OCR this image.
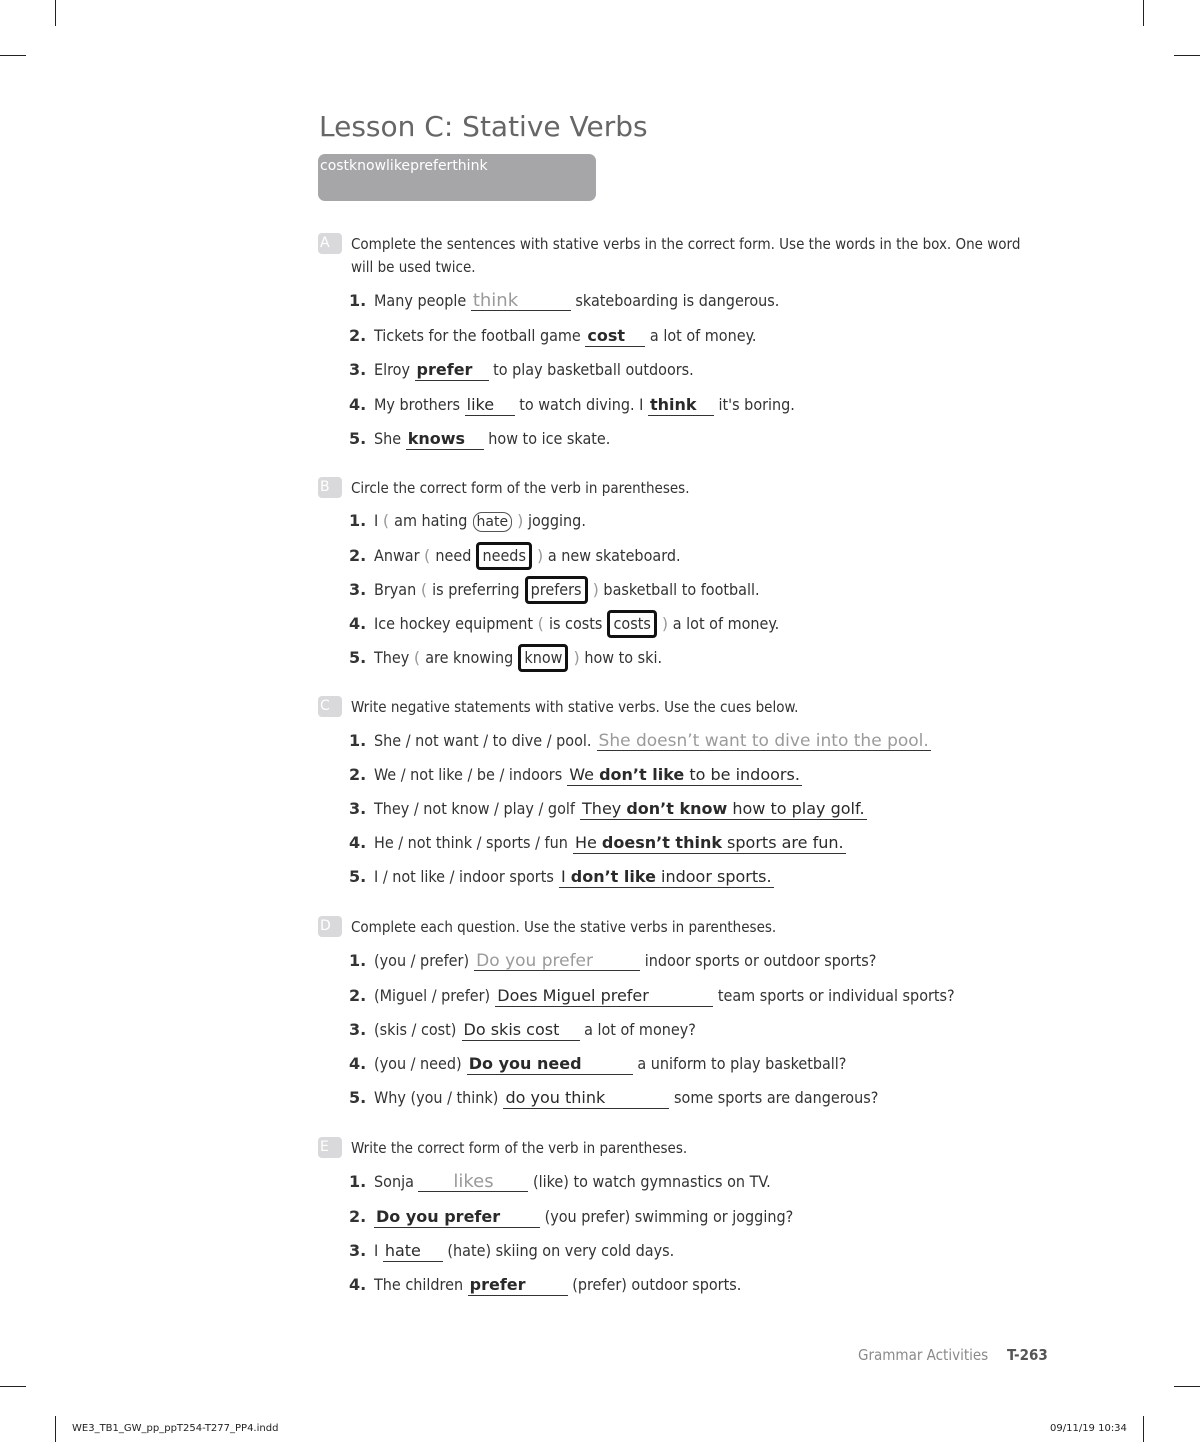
Lesson C: Stative Verbs
costknowlikepreferthink
A	Complete the sentences with stative verbs in the correct form. Use the words in the box. One word will be used twice.

1. Many people think	skateboarding is dangerous.
2. Tickets for the football game cost a lot of money.
3. Elroy prefer to play basketball outdoors.
4. My brothers like to watch diving. I think it's boring.
5. She knows how to ice skate.
B	Circle the correct form of the verb in parentheses.

1. I ( am hating hate ) jogging.
2. Anwar ( need needs ) a new skateboard.
3. Bryan ( is preferring prefers ) basketball to football.
4. Ice hockey equipment ( is costs costs ) a lot of money.
5. They ( are knowing know ) how to ski.
C	Write negative statements with stative verbs. Use the cues below.

1. She / not want / to dive / pool. She doesn’t want to dive into the pool.
2. We / not like / be / indoors We don’t like to be indoors.
3. They / not know / play / golf They don’t know how to play golf.
4. He / not think / sports / fun He doesn’t think sports are fun.
5. I / not like / indoor sports I don’t like indoor sports.
D	Complete each question. Use the stative verbs in parentheses.

1. (you / prefer) Do you prefer	indoor sports or outdoor sports?
2. (Miguel / prefer) Does Miguel prefer	team sports or individual sports?
3. (skis / cost) Do skis cost a lot of money?
4. (you / need) Do you need	a uniform to play basketball?
5. Why (you / think) do you think	some sports are dangerous?
E	Write the correct form of the verb in parentheses.

1. Sonja likes (like) to watch gymnastics on TV.
2. Do you prefer (you prefer) swimming or jogging?
3. I hate (hate) skiing on very cold days.
4. The children prefer	(prefer) outdoor sports.
Grammar Activities T-263
WE3_TB1_GW_pp_ppT254-T277_PP4.indd	09/11/19 10:34
